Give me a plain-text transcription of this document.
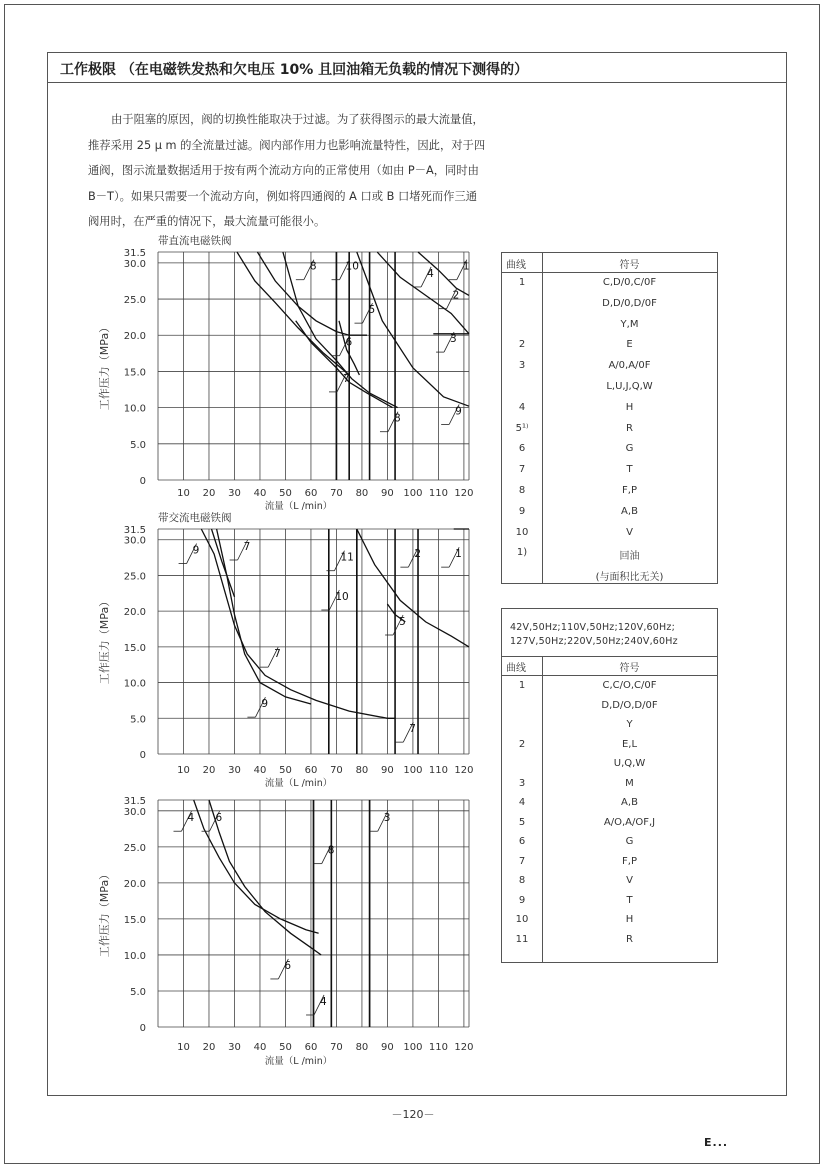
工作极限 （在电磁铁发热和欠电压 10% 且回油箱无负载的情况下测得的）

由于阻塞的原因，阀的切换性能取决于过滤。为了获得图示的最大流量值，

推荐采用 25 μ m 的全流量过滤。阀内部作用力也影响流量特性，因此，对于四

通阀，图示流量数据适用于按有两个流动方向的正常使用（如由 P－A，同时由

B－T）。如果只需要一个流动方向，例如将四通阀的 A 口或 B 口堵死而作三通

阀用时，在严重的情况下，最大流量可能很小。

10 20 30 40 50 60 70 80 90 100 110 120
0
5.0
10.0
15.0
20.0
25.0
30.0
31.5
流量（L /min）
工作压力（MPa）
带直流电磁铁阀
1
2
3
4
5
6
7
8
9
8
10
10 20 30 40 50 60 70 80 90 100 110 120
0
5.0
10.0
15.0
20.0
25.0
30.0
31.5
流量（L /min）
工作压力（MPa）
带交流电磁铁阀
1
2
5
7
7
9
9
10
11
7
10 20 30 40 50 60 70 80 90 100 110 120
0
5.0
10.0
15.0
20.0
25.0
30.0
31.5
流量（L /min）
工作压力（MPa）
4 6	3
8
6
4
曲线	符号
1	C,D/0,C/0F
D,D/0,D/0F
Y,M
2	E
3	A/0,A/0F
L,U,J,Q,W
4	H
5¹⁾	R
6	G
7	T
8	F,P
9	A,B
10	V
1)	回油
(与面积比无关)
42V,50Hz;110V,50Hz;120V,60Hz;
127V,50Hz;220V,50Hz;240V,60Hz
曲线	符号
1	C,C/O,C/0F
D,D/O,D/0F
Y
2	E,L
U,Q,W
3	M
4	A,B
5	A/O,A/OF,J
6	G
7	F,P
8	V
9	T
10	H
11	R
－120－
E...
